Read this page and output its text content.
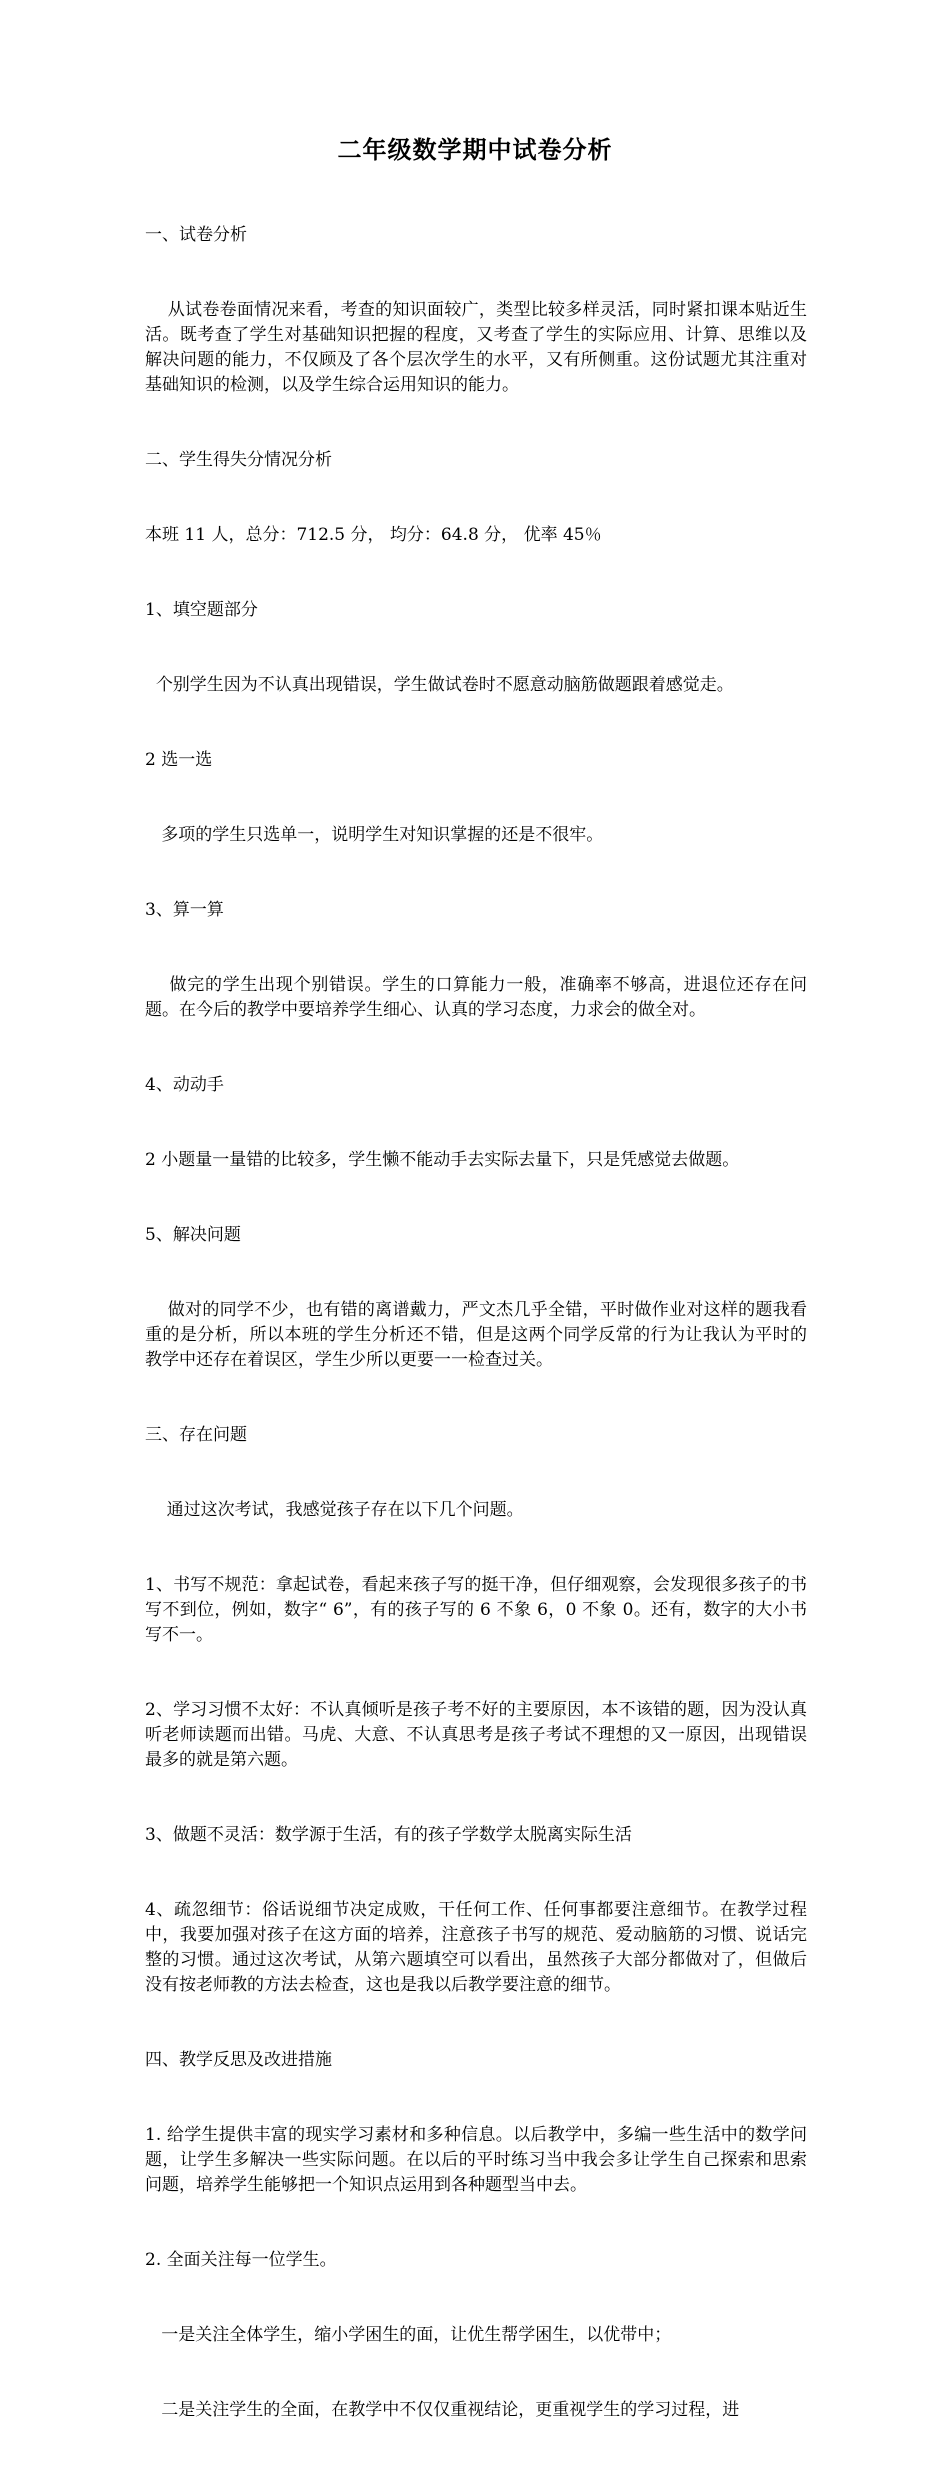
二年级数学期中试卷分析

一、试卷分析

从试卷卷面情况来看，考查的知识面较广，类型比较多样灵活，同时紧扣课本贴近生活。既考查了学生对基础知识把握的程度，又考查了学生的实际应用、计算、思维以及解决问题的能力，不仅顾及了各个层次学生的水平，又有所侧重。这份试题尤其注重对基础知识的检测，以及学生综合运用知识的能力。

二、学生得失分情况分析

本班 11 人，总分：712.5 分， 均分：64.8 分， 优率 45％

1、填空题部分

个别学生因为不认真出现错误，学生做试卷时不愿意动脑筋做题跟着感觉走。

2 选一选

多项的学生只选单一，说明学生对知识掌握的还是不很牢。

3、算一算

做完的学生出现个别错误。学生的口算能力一般，准确率不够高，进退位还存在问题。在今后的教学中要培养学生细心、认真的学习态度，力求会的做全对。

4、动动手

2 小题量一量错的比较多，学生懒不能动手去实际去量下，只是凭感觉去做题。

5、解决问题

做对的同学不少，也有错的离谱戴力，严文杰几乎全错，平时做作业对这样的题我看重的是分析，所以本班的学生分析还不错，但是这两个同学反常的行为让我认为平时的教学中还存在着误区，学生少所以更要一一检查过关。

三、存在问题

通过这次考试，我感觉孩子存在以下几个问题。

1、书写不规范：拿起试卷，看起来孩子写的挺干净，但仔细观察，会发现很多孩子的书写不到位，例如，数字“ 6”，有的孩子写的 6 不象 6，0 不象 0。还有，数字的大小书写不一。

2、学习习惯不太好：不认真倾听是孩子考不好的主要原因，本不该错的题，因为没认真听老师读题而出错。马虎、大意、不认真思考是孩子考试不理想的又一原因，出现错误最多的就是第六题。

3、做题不灵活：数学源于生活，有的孩子学数学太脱离实际生活

4、疏忽细节：俗话说细节决定成败，干任何工作、任何事都要注意细节。在教学过程中，我要加强对孩子在这方面的培养，注意孩子书写的规范、爱动脑筋的习惯、说话完整的习惯。通过这次考试，从第六题填空可以看出，虽然孩子大部分都做对了，但做后没有按老师教的方法去检查，这也是我以后教学要注意的细节。

四、教学反思及改进措施

1. 给学生提供丰富的现实学习素材和多种信息。以后教学中，多编一些生活中的数学问题，让学生多解决一些实际问题。在以后的平时练习当中我会多让学生自己探索和思索问题，培养学生能够把一个知识点运用到各种题型当中去。

2. 全面关注每一位学生。

一是关注全体学生，缩小学困生的面，让优生帮学困生，以优带中；

二是关注学生的全面，在教学中不仅仅重视结论，更重视学生的学习过程，进
